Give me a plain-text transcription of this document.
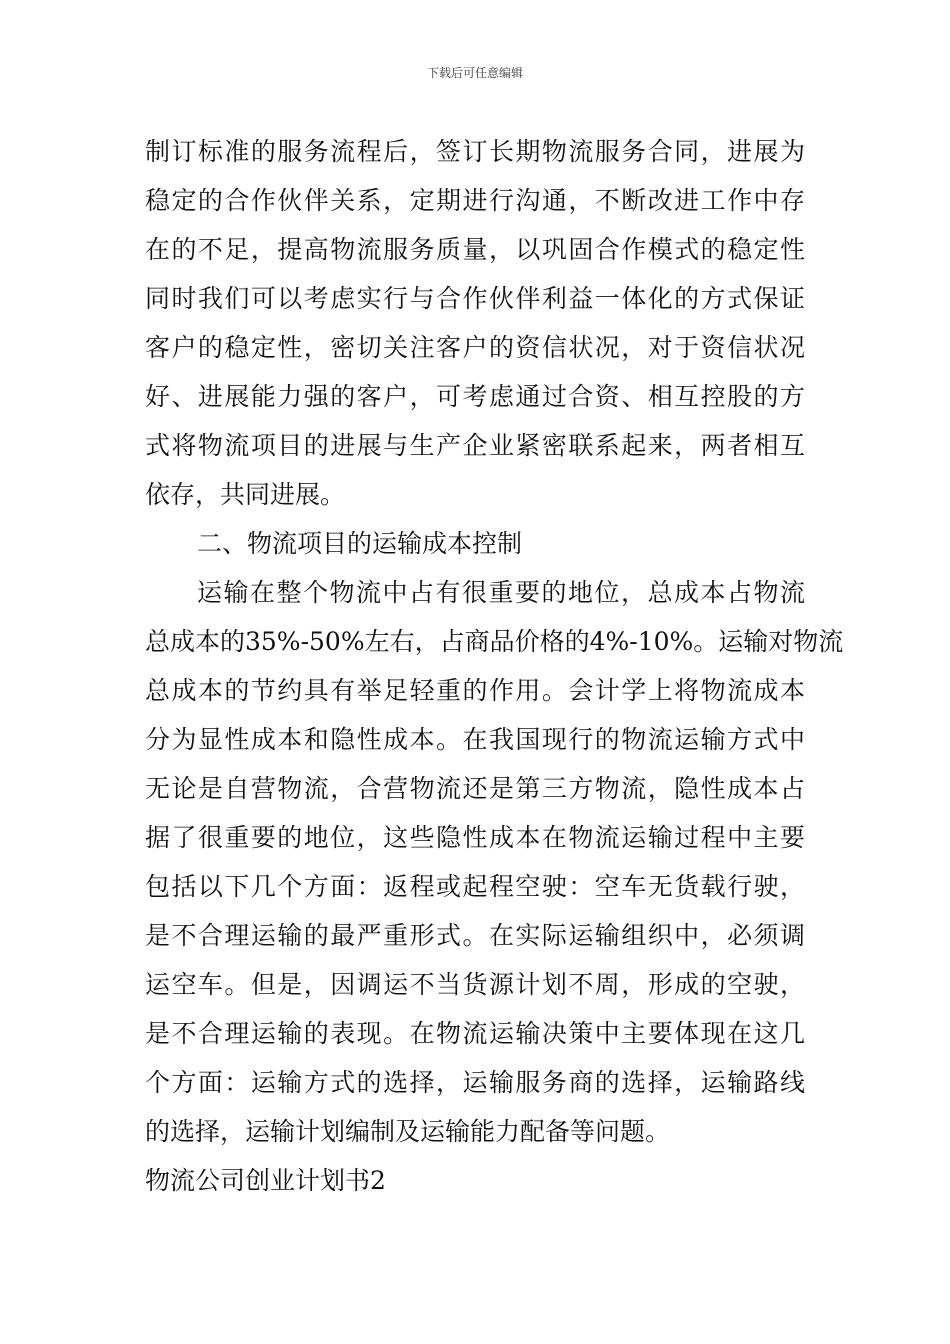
下载后可任意编辑
制订标准的服务流程后，签订长期物流服务合同，进展为
稳定的合作伙伴关系，定期进行沟通，不断改进工作中存
在的不足，提高物流服务质量，以巩固合作模式的稳定性
同时我们可以考虑实行与合作伙伴利益一体化的方式保证
客户的稳定性，密切关注客户的资信状况，对于资信状况
好、进展能力强的客户，可考虑通过合资、相互控股的方
式将物流项目的进展与生产企业紧密联系起来，两者相互
依存，共同进展。
二、物流项目的运输成本控制
运输在整个物流中占有很重要的地位，总成本占物流
总成本的35%-50%左右，占商品价格的4%-10%。运输对物流
总成本的节约具有举足轻重的作用。会计学上将物流成本
分为显性成本和隐性成本。在我国现行的物流运输方式中
无论是自营物流，合营物流还是第三方物流，隐性成本占
据了很重要的地位，这些隐性成本在物流运输过程中主要
包括以下几个方面：返程或起程空驶：空车无货载行驶，
是不合理运输的最严重形式。在实际运输组织中，必须调
运空车。但是，因调运不当货源计划不周，形成的空驶，
是不合理运输的表现。在物流运输决策中主要体现在这几
个方面：运输方式的选择，运输服务商的选择，运输路线
的选择，运输计划编制及运输能力配备等问题。
物流公司创业计划书2
